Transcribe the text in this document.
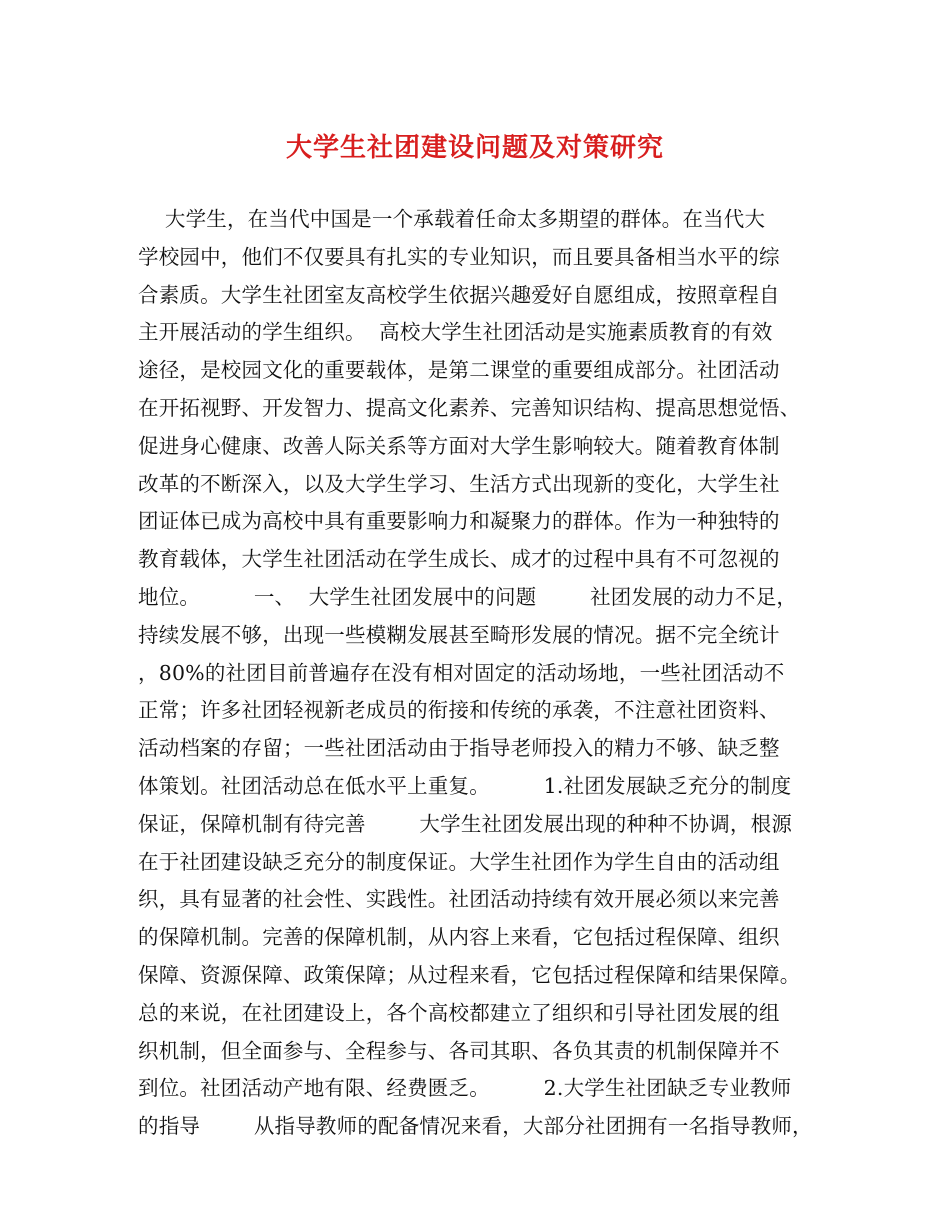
大学生社团建设问题及对策研究
大学生，在当代中国是一个承载着任命太多期望的群体。在当代大
学校园中，他们不仅要具有扎实的专业知识，而且要具备相当水平的综
合素质。大学生社团室友高校学生依据兴趣爱好自愿组成，按照章程自
主开展活动的学生组织。  高校大学生社团活动是实施素质教育的有效
途径，是校园文化的重要载体，是第二课堂的重要组成部分。社团活动
在开拓视野、开发智力、提高文化素养、完善知识结构、提高思想觉悟、
促进身心健康、改善人际关系等方面对大学生影响较大。随着教育体制
改革的不断深入，以及大学生学习、生活方式出现新的变化，大学生社
团证体已成为高校中具有重要影响力和凝聚力的群体。作为一种独特的
教育载体，大学生社团活动在学生成长、成才的过程中具有不可忽视的
地位。        一、  大学生社团发展中的问题        社团发展的动力不足，
持续发展不够，出现一些模糊发展甚至畸形发展的情况。据不完全统计
，80%的社团目前普遍存在没有相对固定的活动场地，一些社团活动不
正常；许多社团轻视新老成员的衔接和传统的承袭，不注意社团资料、
活动档案的存留；一些社团活动由于指导老师投入的精力不够、缺乏整
体策划。社团活动总在低水平上重复。        1.社团发展缺乏充分的制度
保证，保障机制有待完善        大学生社团发展出现的种种不协调，根源
在于社团建设缺乏充分的制度保证。大学生社团作为学生自由的活动组
织，具有显著的社会性、实践性。社团活动持续有效开展必须以来完善
的保障机制。完善的保障机制，从内容上来看，它包括过程保障、组织
保障、资源保障、政策保障；从过程来看，它包括过程保障和结果保障。
总的来说，在社团建设上，各个高校都建立了组织和引导社团发展的组
织机制，但全面参与、全程参与、各司其职、各负其责的机制保障并不
到位。社团活动产地有限、经费匮乏。        2.大学生社团缺乏专业教师
的指导        从指导教师的配备情况来看，大部分社团拥有一名指导教师，
